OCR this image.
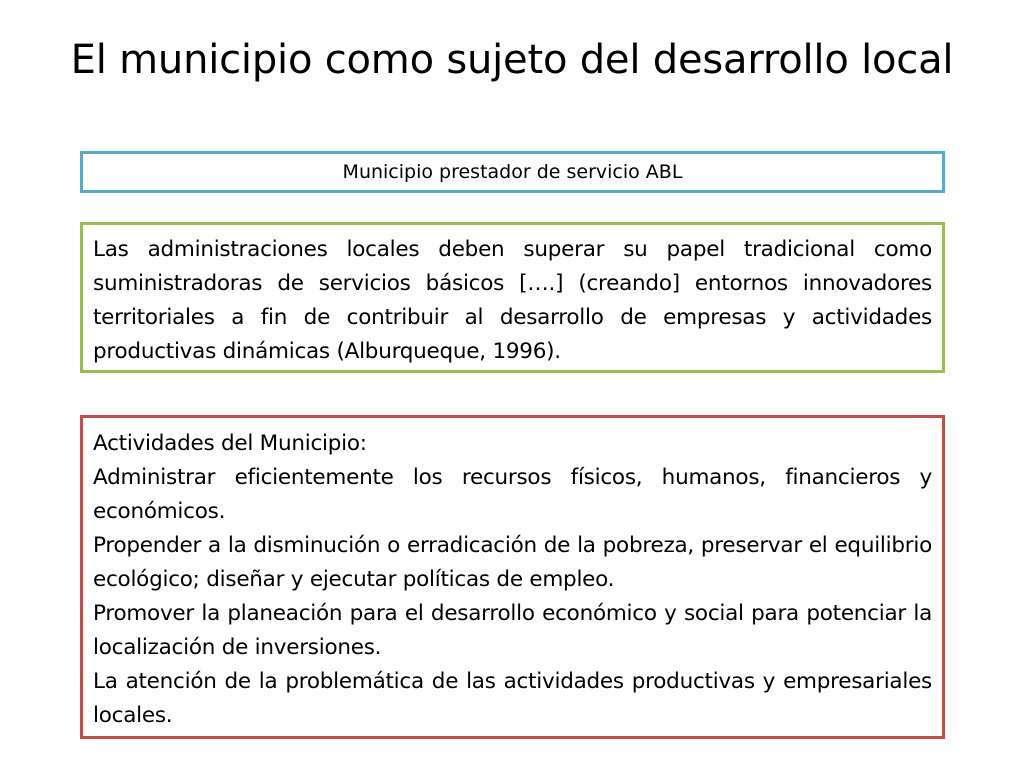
El municipio como sujeto del desarrollo local
Municipio prestador de servicio ABL

Las administraciones locales deben superar su papel tradicional como suministradoras de servicios básicos [….] (creando] entornos innovadores territoriales a fin de contribuir al desarrollo de empresas y actividades productivas dinámicas (Alburqueque, 1996).

Actividades del Municipio:

Administrar eficientemente los recursos físicos, humanos, financieros y económicos.

Propender a la disminución o erradicación de la pobreza, preservar el equilibrio ecológico; diseñar y ejecutar políticas de empleo.

Promover la planeación para el desarrollo económico y social para potenciar la localización de inversiones.

La atención de la problemática de las actividades productivas y empresariales locales.
